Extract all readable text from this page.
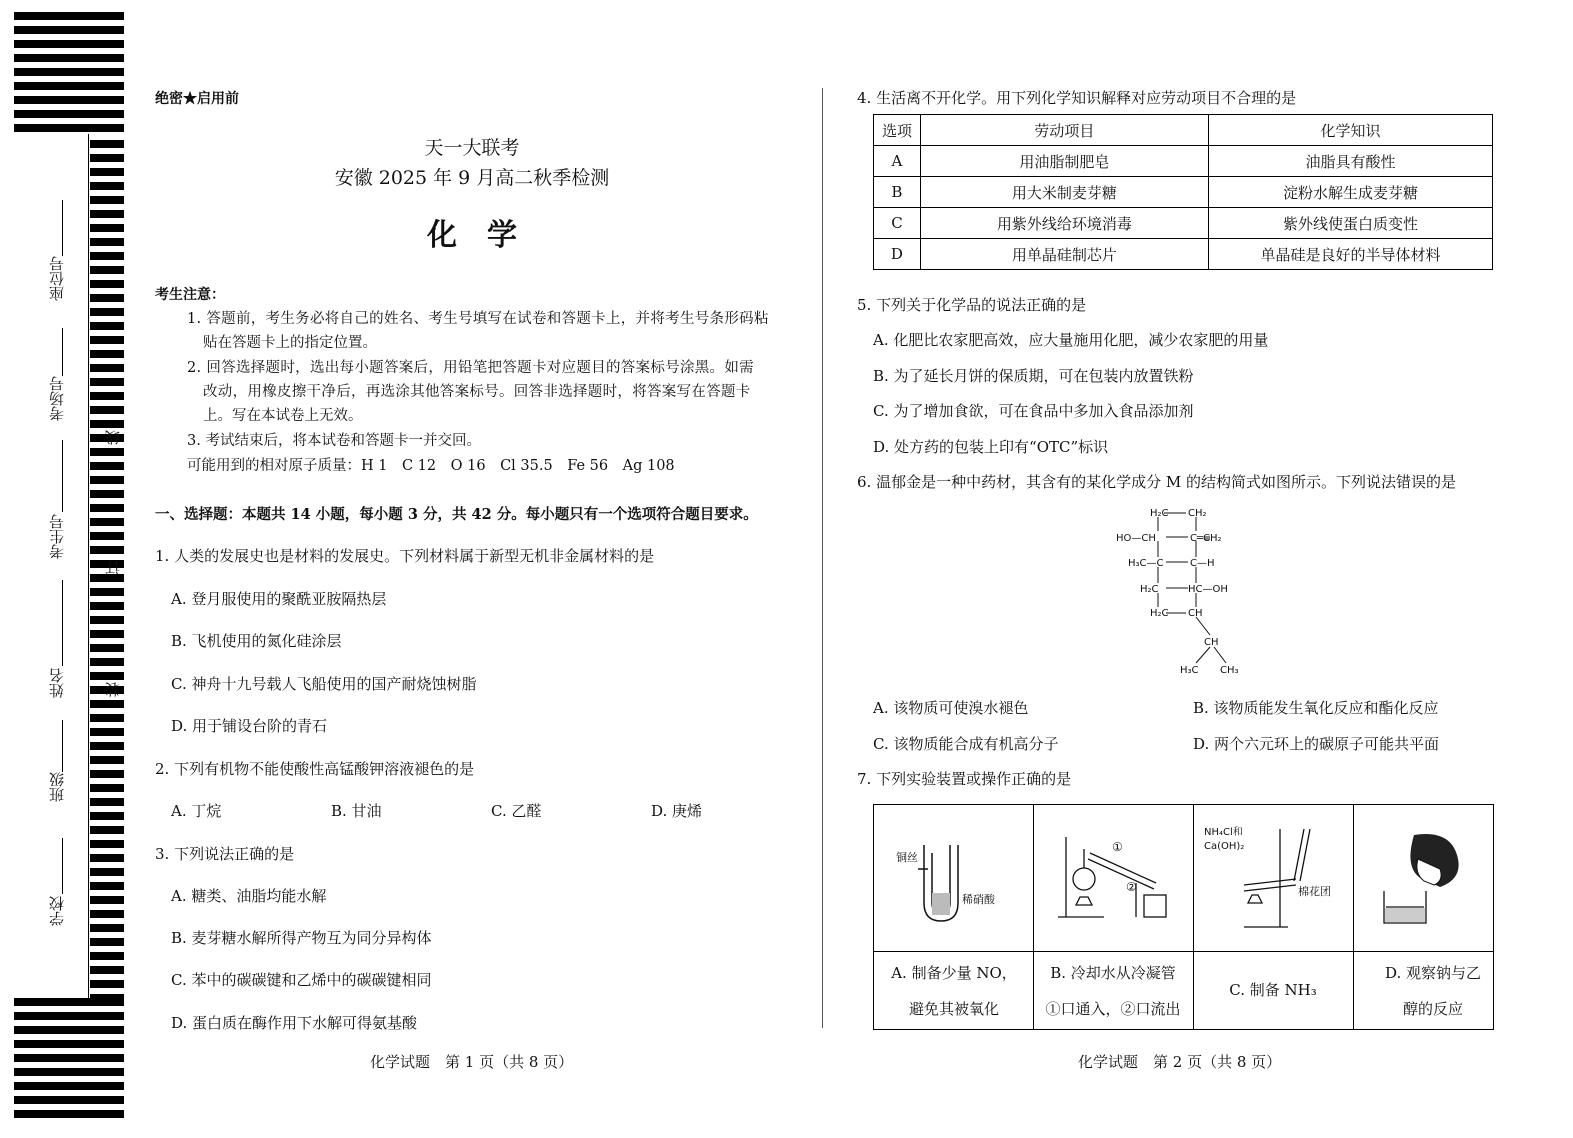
座位号
考场号
考生号
姓名
班级
学校
线
订
装
绝密★启用前
天一大联考
安徽 2025 年 9 月高二秋季检测
化　学
考生注意：
1. 答题前，考生务必将自己的姓名、考生号填写在试卷和答题卡上，并将考生号条形码粘
贴在答题卡上的指定位置。
2. 回答选择题时，选出每小题答案后，用铅笔把答题卡对应题目的答案标号涂黑。如需
改动，用橡皮擦干净后，再选涂其他答案标号。回答非选择题时，将答案写在答题卡
上。写在本试卷上无效。
3. 考试结束后，将本试卷和答题卡一并交回。
可能用到的相对原子质量：H 1　C 12　O 16　Cl 35.5　Fe 56　Ag 108
一、选择题：本题共 14 小题，每小题 3 分，共 42 分。每小题只有一个选项符合题目要求。
1. 人类的发展史也是材料的发展史。下列材料属于新型无机非金属材料的是
A. 登月服使用的聚酰亚胺隔热层
B. 飞机使用的氮化硅涂层
C. 神舟十九号载人飞船使用的国产耐烧蚀树脂
D. 用于铺设台阶的青石
2. 下列有机物不能使酸性高锰酸钾溶液褪色的是
A. 丁烷	B. 甘油	C. 乙醛	D. 庚烯
3. 下列说法正确的是
A. 糖类、油脂均能水解
B. 麦芽糖水解所得产物互为同分异构体
C. 苯中的碳碳键和乙烯中的碳碳键相同
D. 蛋白质在酶作用下水解可得氨基酸
化学试题　第 1 页（共 8 页）
4. 生活离不开化学。用下列化学知识解释对应劳动项目不合理的是
选项	劳动项目	化学知识
A	用油脂制肥皂	油脂具有酸性
B	用大米制麦芽糖	淀粉水解生成麦芽糖
C	用紫外线给环境消毒	紫外线使蛋白质变性
D	用单晶硅制芯片	单晶硅是良好的半导体材料
5. 下列关于化学品的说法正确的是
A. 化肥比农家肥高效，应大量施用化肥，减少农家肥的用量
B. 为了延长月饼的保质期，可在包装内放置铁粉
C. 为了增加食欲，可在食品中多加入食品添加剂
D. 处方药的包装上印有“OTC”标识
6. 温郁金是一种中药材，其含有的某化学成分 M 的结构简式如图所示。下列说法错误的是
H₂C CH₂
HO—CH	C═CH₂
H₃C—C	C—H
H₂C	HC—OH
H₂C CH
CH
H₃C CH₃
A. 该物质可使溴水褪色	B. 该物质能发生氧化反应和酯化反应
C. 该物质能合成有机高分子	D. 两个六元环上的碳原子可能共平面
7. 下列实验装置或操作正确的是
铜丝
稀硝酸
①
②
NH₄Cl和
Ca(OH)₂
棉花团
A. 制备少量 NO，
避免其被氧化
B. 冷却水从冷凝管
①口通入，②口流出
C. 制备 NH₃
D. 观察钠与乙
醇的反应
化学试题　第 2 页（共 8 页）
